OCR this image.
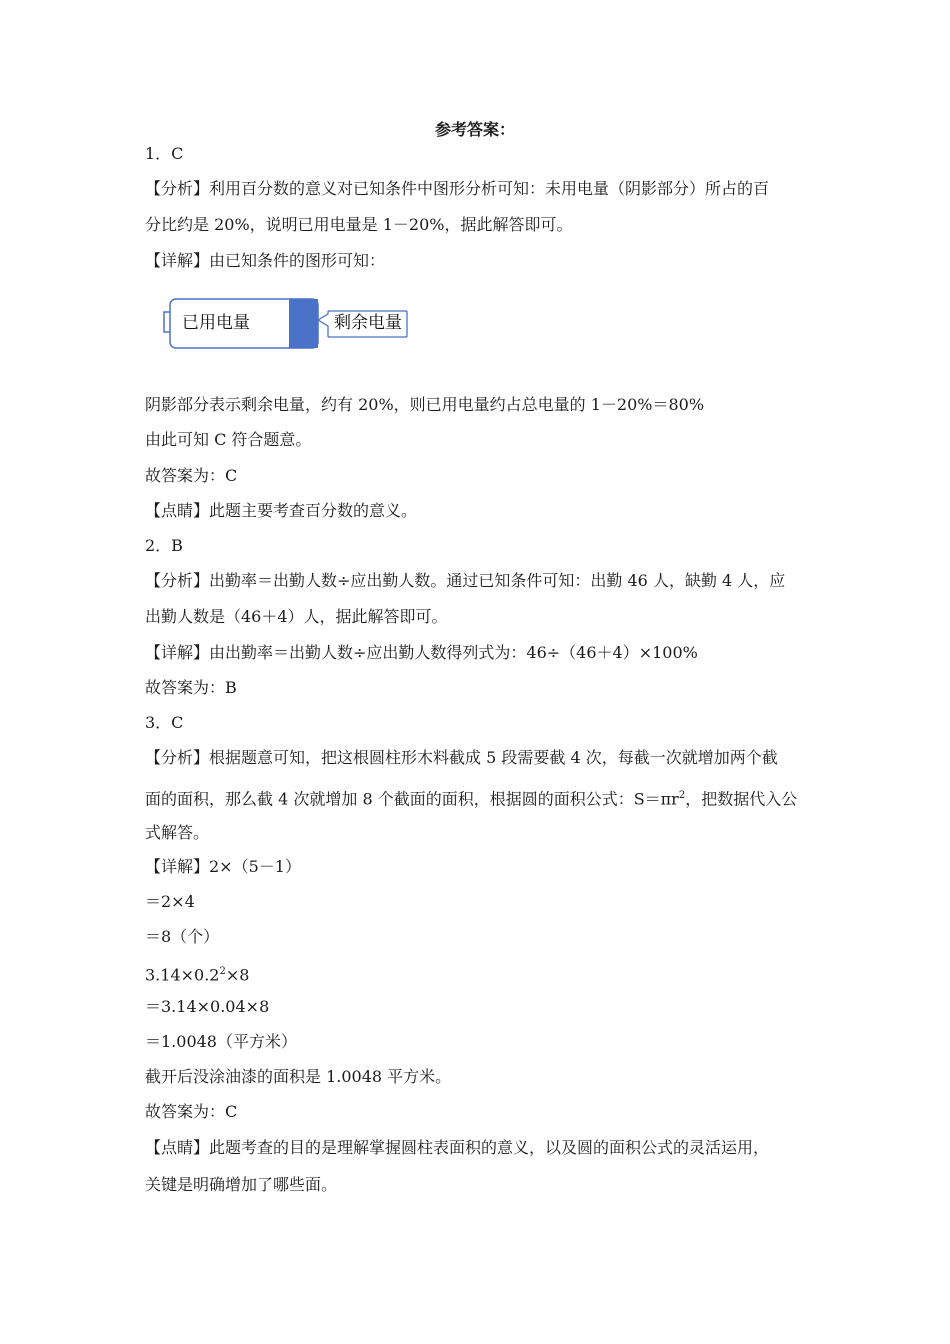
参考答案：
1．C
【分析】利用百分数的意义对已知条件中图形分析可知：未用电量（阴影部分）所占的百
分比约是 20%，说明已用电量是 1－20%，据此解答即可。
【详解】由已知条件的图形可知：
已用电量	剩余电量
阴影部分表示剩余电量，约有 20%，则已用电量约占总电量的 1－20%＝80%
由此可知 C 符合题意。
故答案为：C
【点睛】此题主要考查百分数的意义。
2．B
【分析】出勤率＝出勤人数÷应出勤人数。通过已知条件可知：出勤 46 人，缺勤 4 人，应
出勤人数是（46＋4）人，据此解答即可。
【详解】由出勤率＝出勤人数÷应出勤人数得列式为：46÷（46＋4）×100%
故答案为：B
3．C
【分析】根据题意可知，把这根圆柱形木料截成 5 段需要截 4 次，每截一次就增加两个截
面的面积，那么截 4 次就增加 8 个截面的面积，根据圆的面积公式：$S=\pi r^2$，把数据代入公
式解答。
【详解】2×（5－1）
＝2×4
＝8（个）
$3.14\times 0.2^2\times 8$
＝3.14×0.04×8
＝1.0048（平方米）
截开后没涂油漆的面积是 1.0048 平方米。
故答案为：C
【点睛】此题考查的目的是理解掌握圆柱表面积的意义，以及圆的面积公式的灵活运用，
关键是明确增加了哪些面。
